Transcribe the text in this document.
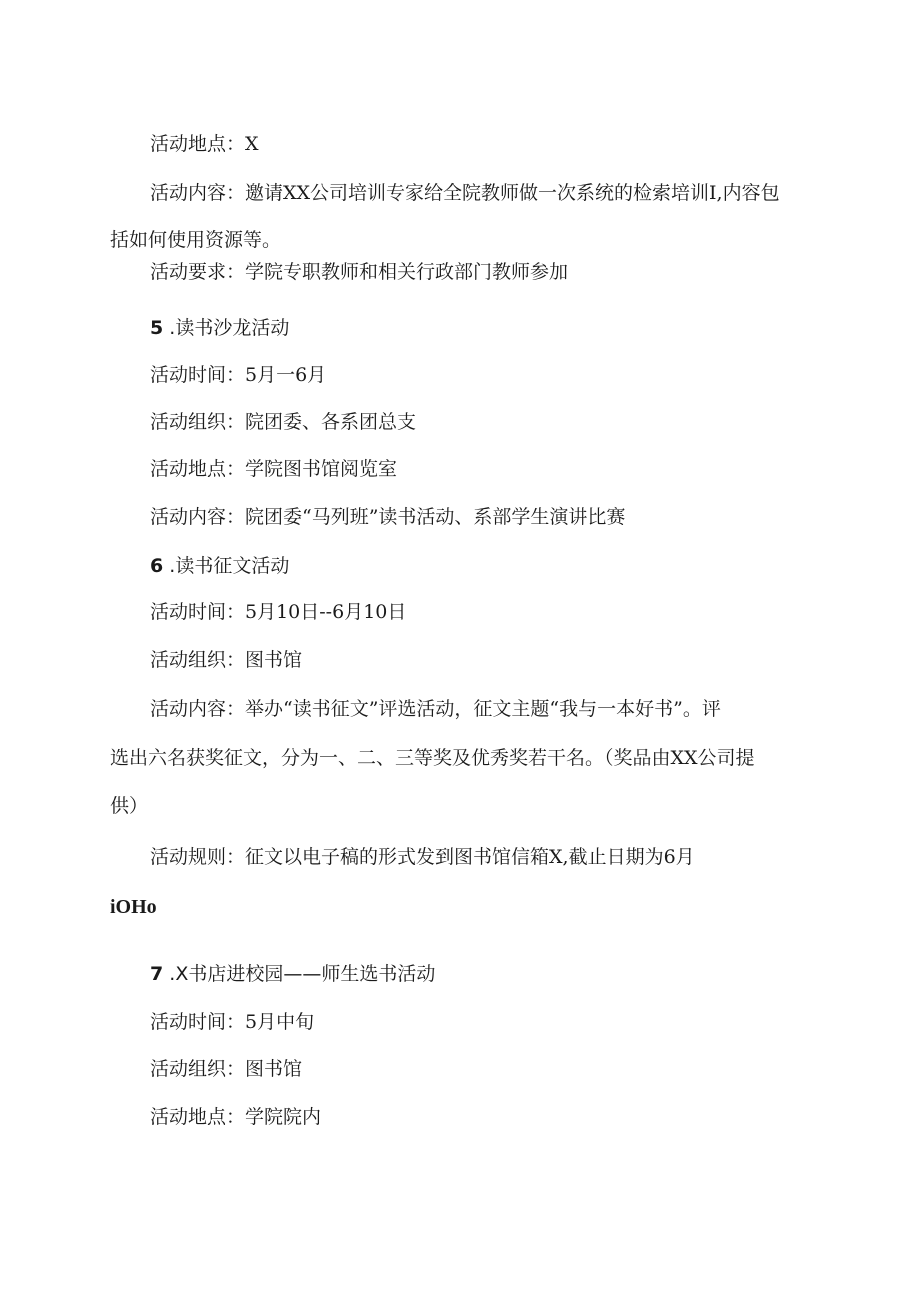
活动地点：X
活动内容：邀请XX公司培训专家给全院教师做一次系统的检索培训I,内容包
括如何使用资源等。
活动要求：学院专职教师和相关行政部门教师参加
5 .读书沙龙活动
活动时间：5月一6月
活动组织：院团委、各系团总支
活动地点：学院图书馆阅览室
活动内容：院团委“马列班”读书活动、系部学生演讲比赛
6 .读书征文活动
活动时间：5月10日--6月10日
活动组织：图书馆
活动内容：举办“读书征文”评选活动，征文主题“我与一本好书”。评
选出六名获奖征文，分为一、二、三等奖及优秀奖若干名。（奖品由XX公司提
供）
活动规则：征文以电子稿的形式发到图书馆信箱X,截止日期为6月
iOHo
7 .X书店进校园——师生选书活动
活动时间：5月中旬
活动组织：图书馆
活动地点：学院院内
